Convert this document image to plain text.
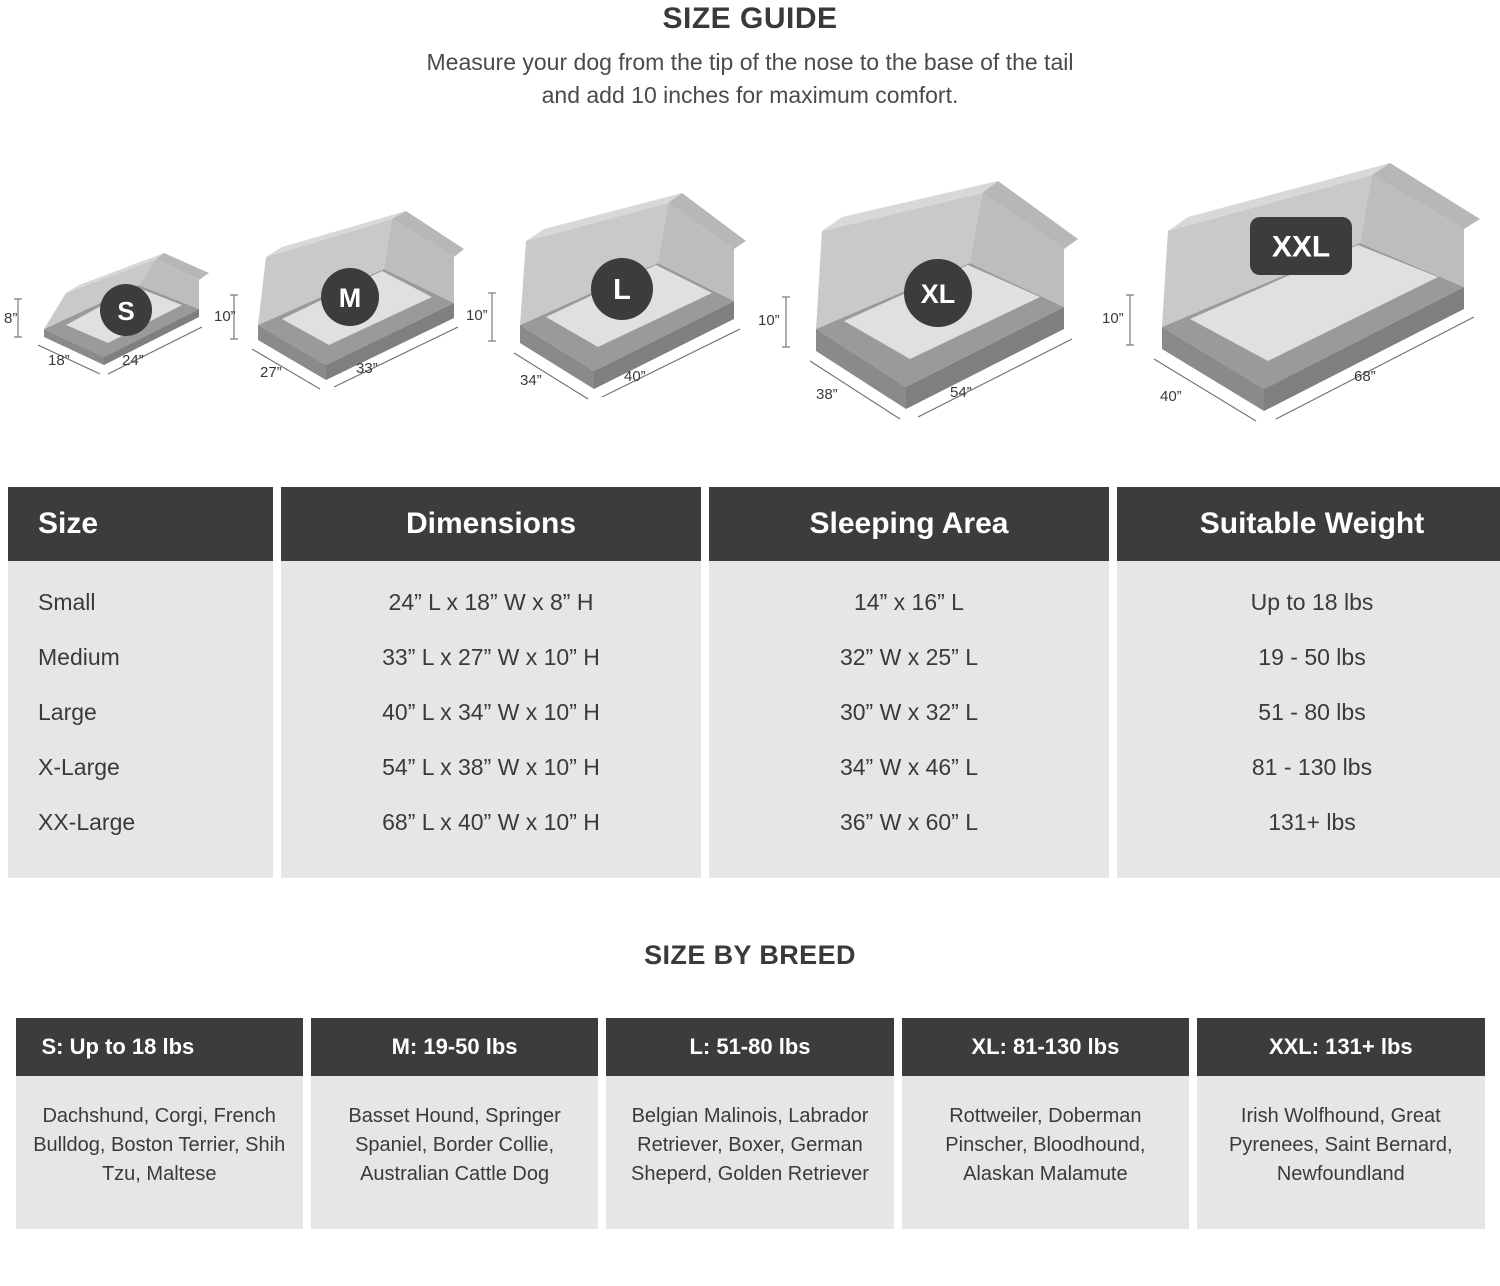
SIZE GUIDE
Measure your dog from the tip of the nose to the base of the tail
and add 10 inches for maximum comfort.
S
8”
18”	24”
M
10”
27”	33”
L
10”
34”	40”
XL
10”
38”	54”
XXL
10”
40”
68”
Size	Dimensions	Sleeping Area	Suitable Weight
Small	24” L x 18” W x 8” H	14” x 16” L	Up to 18 lbs
Medium	33” L x 27” W x 10” H	32” W x 25” L	19 - 50 lbs
Large	40” L x 34” W x 10” H	30” W x 32” L	51 - 80 lbs
X-Large	54” L x 38” W x 10” H	34” W x 46” L	81 - 130 lbs
XX-Large	68” L x 40” W x 10” H	36” W x 60” L	131+ lbs
SIZE BY BREED
S: Up to 18 lbs	M: 19-50 lbs	L: 51-80 lbs	XL: 81-130 lbs	XXL: 131+ lbs
Dachshund, Corgi, French Bulldog, Boston Terrier, Shih Tzu, Maltese	Basset Hound, Springer Spaniel, Border Collie, Australian Cattle Dog	Belgian Malinois, Labrador Retriever, Boxer, German Sheperd, Golden Retriever	Rottweiler, Doberman Pinscher, Bloodhound, Alaskan Malamute	Irish Wolfhound, Great Pyrenees, Saint Bernard, Newfoundland
